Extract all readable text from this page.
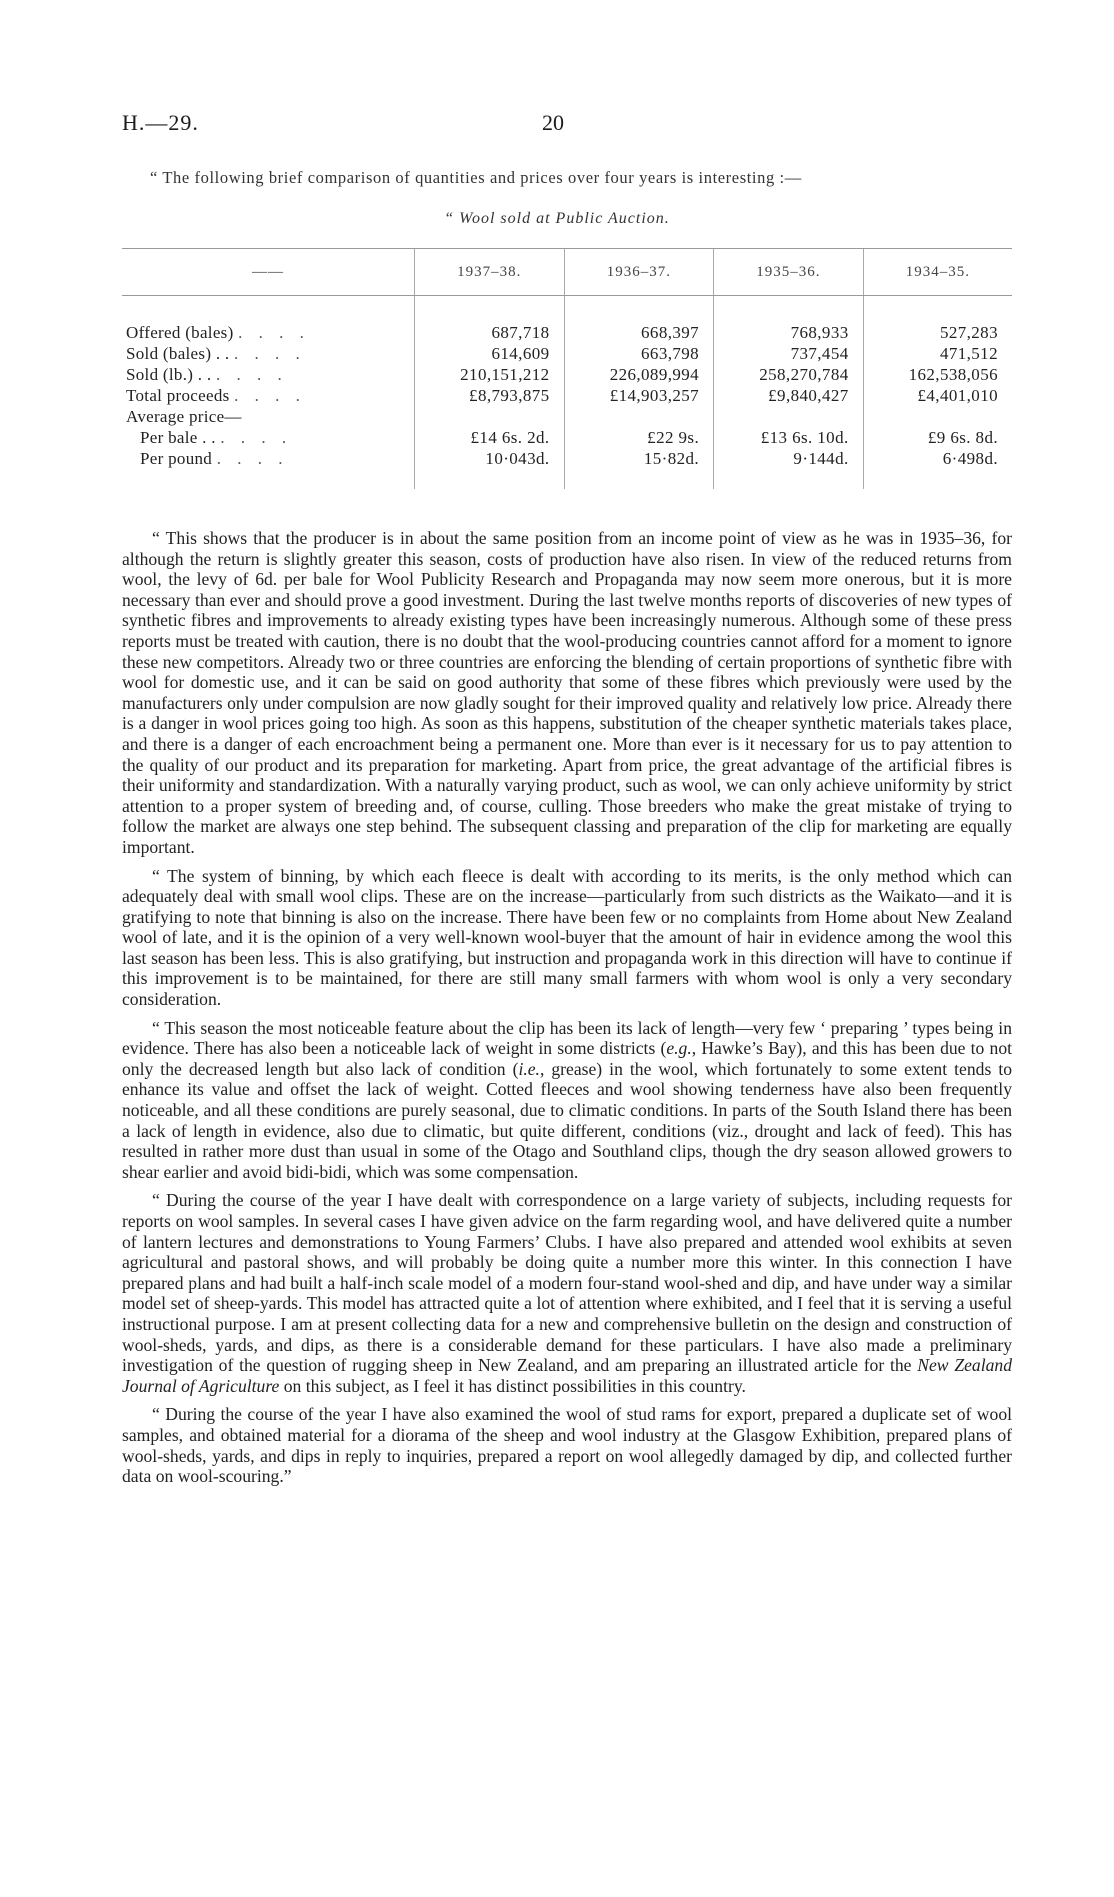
H.—29.	20
“ The following brief comparison of quantities and prices over four years is interesting :—
“ Wool sold at Public Auction.
——	1937–38.	1936–37.	1935–36.	1934–35.
Offered (bales) . . . .	687,718	668,397	768,933	527,283
Sold (bales) . . . . . .	614,609	663,798	737,454	471,512
Sold (lb.) . . . . . .	210,151,212	226,089,994	258,270,784	162,538,056
Total proceeds . . . .	£8,793,875	£14,903,257	£9,840,427	£4,401,010
Average price—				
Per bale . . . . . .	£14 6s. 2d.	£22 9s.	£13 6s. 10d.	£9 6s. 8d.
Per pound . . . .	10·043d.	15·82d.	9·144d.	6·498d.

“ This shows that the producer is in about the same position from an income point of view as he was in 1935–36, for although the return is slightly greater this season, costs of production have also risen. In view of the reduced returns from wool, the levy of 6d. per bale for Wool Publicity Research and Propaganda may now seem more onerous, but it is more necessary than ever and should prove a good investment. During the last twelve months reports of discoveries of new types of synthetic fibres and improvements to already existing types have been increasingly numerous. Although some of these press reports must be treated with caution, there is no doubt that the wool-producing countries cannot afford for a moment to ignore these new competitors. Already two or three countries are enforcing the blending of certain proportions of synthetic fibre with wool for domestic use, and it can be said on good authority that some of these fibres which previously were used by the manufacturers only under compulsion are now gladly sought for their improved quality and relatively low price. Already there is a danger in wool prices going too high. As soon as this happens, substitution of the cheaper synthetic materials takes place, and there is a danger of each encroachment being a permanent one. More than ever is it necessary for us to pay attention to the quality of our product and its preparation for marketing. Apart from price, the great advantage of the artificial fibres is their uniformity and standardization. With a naturally varying product, such as wool, we can only achieve uniformity by strict attention to a proper system of breeding and, of course, culling. Those breeders who make the great mistake of trying to follow the market are always one step behind. The subsequent classing and preparation of the clip for marketing are equally important.

“ The system of binning, by which each fleece is dealt with according to its merits, is the only method which can adequately deal with small wool clips. These are on the increase—particularly from such districts as the Waikato—and it is gratifying to note that binning is also on the increase. There have been few or no complaints from Home about New Zealand wool of late, and it is the opinion of a very well-known wool-buyer that the amount of hair in evidence among the wool this last season has been less. This is also gratifying, but instruction and propaganda work in this direction will have to continue if this improvement is to be maintained, for there are still many small farmers with whom wool is only a very secondary consideration.

“ This season the most noticeable feature about the clip has been its lack of length—very few ‘ preparing ’ types being in evidence. There has also been a noticeable lack of weight in some districts (e.g., Hawke’s Bay), and this has been due to not only the decreased length but also lack of condition (i.e., grease) in the wool, which fortunately to some extent tends to enhance its value and offset the lack of weight. Cotted fleeces and wool showing tenderness have also been frequently noticeable, and all these conditions are purely seasonal, due to climatic conditions. In parts of the South Island there has been a lack of length in evidence, also due to climatic, but quite different, conditions (viz., drought and lack of feed). This has resulted in rather more dust than usual in some of the Otago and Southland clips, though the dry season allowed growers to shear earlier and avoid bidi-bidi, which was some compensation.

“ During the course of the year I have dealt with correspondence on a large variety of subjects, including requests for reports on wool samples. In several cases I have given advice on the farm regarding wool, and have delivered quite a number of lantern lectures and demonstrations to Young Farmers’ Clubs. I have also prepared and attended wool exhibits at seven agricultural and pastoral shows, and will probably be doing quite a number more this winter. In this connection I have prepared plans and had built a half-inch scale model of a modern four-stand wool-shed and dip, and have under way a similar model set of sheep-yards. This model has attracted quite a lot of attention where exhibited, and I feel that it is serving a useful instructional purpose. I am at present collecting data for a new and comprehensive bulletin on the design and construction of wool-sheds, yards, and dips, as there is a considerable demand for these particulars. I have also made a preliminary investigation of the question of rugging sheep in New Zealand, and am preparing an illustrated article for the New Zealand Journal of Agriculture on this subject, as I feel it has distinct possibilities in this country.

“ During the course of the year I have also examined the wool of stud rams for export, prepared a duplicate set of wool samples, and obtained material for a diorama of the sheep and wool industry at the Glasgow Exhibition, prepared plans of wool-sheds, yards, and dips in reply to inquiries, prepared a report on wool allegedly damaged by dip, and collected further data on wool-scouring.”
